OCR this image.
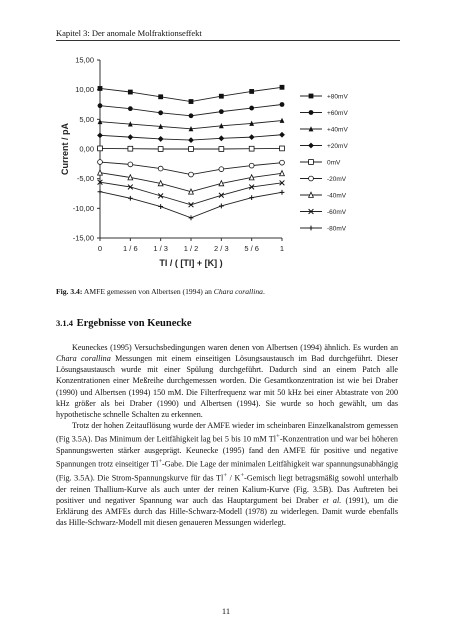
Kapitel 3: Der anomale Molfraktionseffekt
15,00
10,00
5,00
0,00
-5,00
-10,00
-15,00
0	1 / 6 1 / 3 1 / 2 2 / 3 5 / 6	1
Tl / ( [Tl] + [K] )
Current / pA
+80mV
+60mV
+40mV
+20mV
0mV
-20mV
-40mV
-60mV
-80mV
Fig. 3.4: AMFE gemessen von Albertsen (1994) an Chara corallina.
3.1.4 Ergebnisse von Keunecke

Keuneckes (1995) Versuchsbedingungen waren denen von Albertsen (1994) ähnlich. Es wurden an Chara corallina Messungen mit einem einseitigen Lösungsaustausch im Bad durchgeführt. Dieser Lösungsaustausch wurde mit einer Spülung durchgeführt. Dadurch sind an einem Patch alle Konzentrationen einer Meßreihe durchgemessen worden. Die Gesamtkonzentration ist wie bei Draber (1990) und Albertsen (1994) 150 mM. Die Filterfrequenz war mit 50 kHz bei einer Abtastrate von 200 kHz größer als bei Draber (1990) und Albertsen (1994). Sie wurde so hoch gewählt, um das hypothetische schnelle Schalten zu erkennen.

Trotz der hohen Zeitauflösung wurde der AMFE wieder im scheinbaren Einzelkanalstrom gemessen (Fig 3.5A). Das Minimum der Leitfähigkeit lag bei 5 bis 10 mM Tl+-Konzentration und war bei höheren Spannungswerten stärker ausgeprägt. Keunecke (1995) fand den AMFE für positive und negative Spannungen trotz einseitiger Tl+-Gabe. Die Lage der minimalen Leitfähigkeit war spannungsunabhängig (Fig. 3.5A). Die Strom-Spannungskurve für das Tl+ / K+-Gemisch liegt betragsmäßig sowohl unterhalb der reinen Thallium-Kurve als auch unter der reinen Kalium-Kurve (Fig. 3.5B). Das Auftreten bei positiver und negativer Spannung war auch das Hauptargument bei Draber et al. (1991), um die Erklärung des AMFEs durch das Hille-Schwarz-Modell (1978) zu widerlegen. Damit wurde ebenfalls das Hille-Schwarz-Modell mit diesen genaueren Messungen widerlegt.

11
